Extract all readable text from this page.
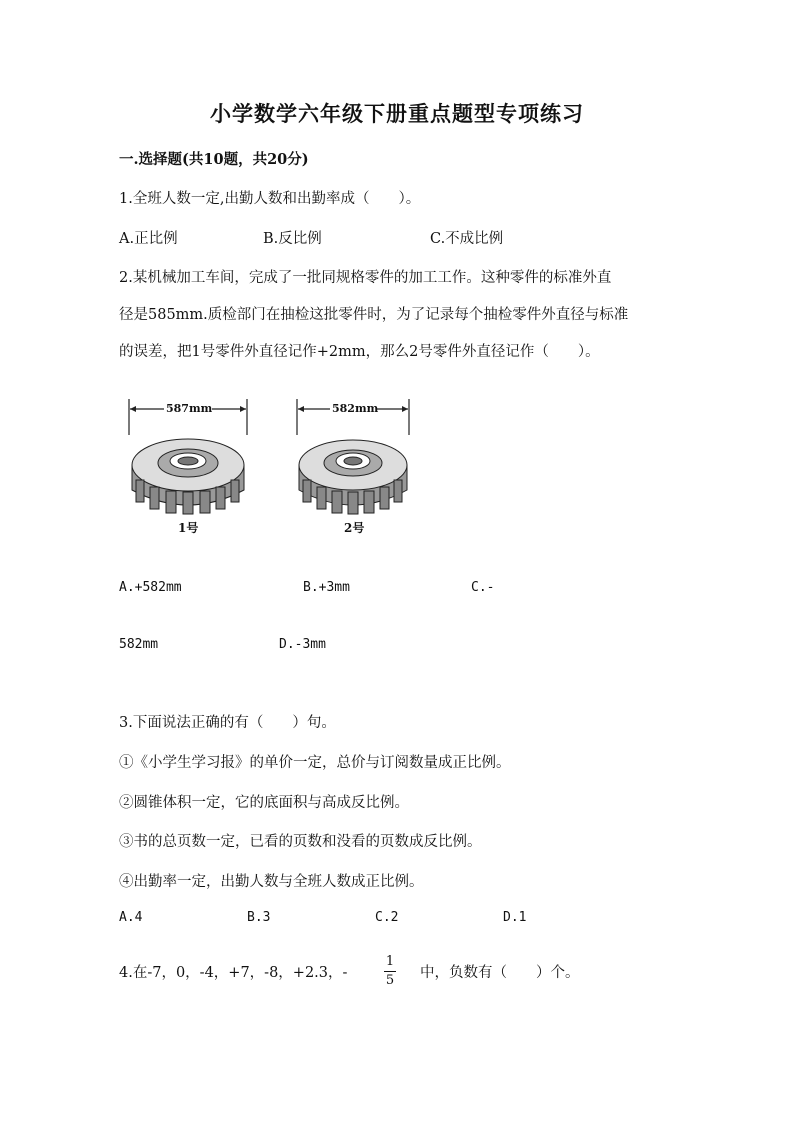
小学数学六年级下册重点题型专项练习
一.选择题(共10题，共20分)
1.全班人数一定,出勤人数和出勤率成（　　）。
A.正比例	B.反比例	C.不成比例
2.某机械加工车间，完成了一批同规格零件的加工工作。这种零件的标准外直
径是585mm.质检部门在抽检这批零件时，为了记录每个抽检零件外直径与标准
的误差，把1号零件外直径记作+2mm，那么2号零件外直径记作（　　）。
587mm
1号
582mm
2号
A.+582mm	B.+3mm	C.-
582mm	D.-3mm
3.下面说法正确的有（　　）句。
①《小学生学习报》的单价一定，总价与订阅数量成正比例。
②圆锥体积一定，它的底面积与高成反比例。
③书的总页数一定，已看的页数和没看的页数成反比例。
④出勤率一定，出勤人数与全班人数成正比例。
A.4	B.3	C.2	D.1
4.在-7，0，-4，+7，-8，+2.3，-
1
5 中，负数有（　　）个。
